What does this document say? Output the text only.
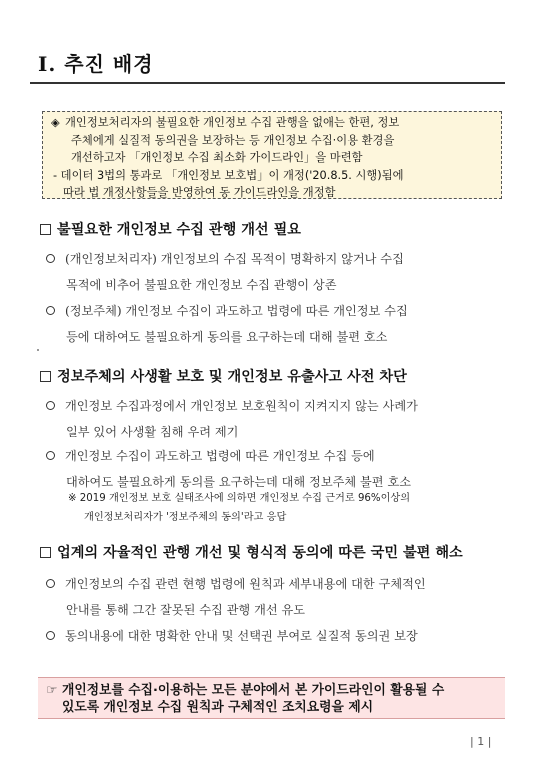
Ⅰ. 추진 배경
◈ 개인정보처리자의 불필요한 개인정보 수집 관행을 없애는 한편, 정보
주체에게 실질적 동의권을 보장하는 등 개인정보 수집·이용 환경을
개선하고자 「개인정보 수집 최소화 가이드라인」을 마련함
- 데이터 3법의 통과로 「개인정보 보호법」이 개정('20.8.5. 시행)됨에
따라 법 개정사항들을 반영하여 동 가이드라인을 개정함
불필요한 개인정보 수집 관행 개선 필요
(개인정보처리자) 개인정보의 수집 목적이 명확하지 않거나 수집
목적에 비추어 불필요한 개인정보 수집 관행이 상존
(정보주체) 개인정보 수집이 과도하고 법령에 따른 개인정보 수집
등에 대하여도 불필요하게 동의를 요구하는데 대해 불편 호소
정보주체의 사생활 보호 및 개인정보 유출사고 사전 차단
개인정보 수집과정에서 개인정보 보호원칙이 지켜지지 않는 사례가
일부 있어 사생활 침해 우려 제기
개인정보 수집이 과도하고 법령에 따른 개인정보 수집 등에
대하여도 불필요하게 동의를 요구하는데 대해 정보주체 불편 호소
※ 2019 개인정보 보호 실태조사에 의하면 개인정보 수집 근거로 96%이상의
개인정보처리자가 '정보주체의 동의'라고 응답
업계의 자율적인 관행 개선 및 형식적 동의에 따른 국민 불편 해소
개인정보의 수집 관련 현행 법령에 원칙과 세부내용에 대한 구체적인
안내를 통해 그간 잘못된 수집 관행 개선 유도
동의내용에 대한 명확한 안내 및 선택권 부여로 실질적 동의권 보장
☞ 개인정보를 수집·이용하는 모든 분야에서 본 가이드라인이 활용될 수
있도록 개인정보 수집 원칙과 구체적인 조치요령을 제시
| 1 |
